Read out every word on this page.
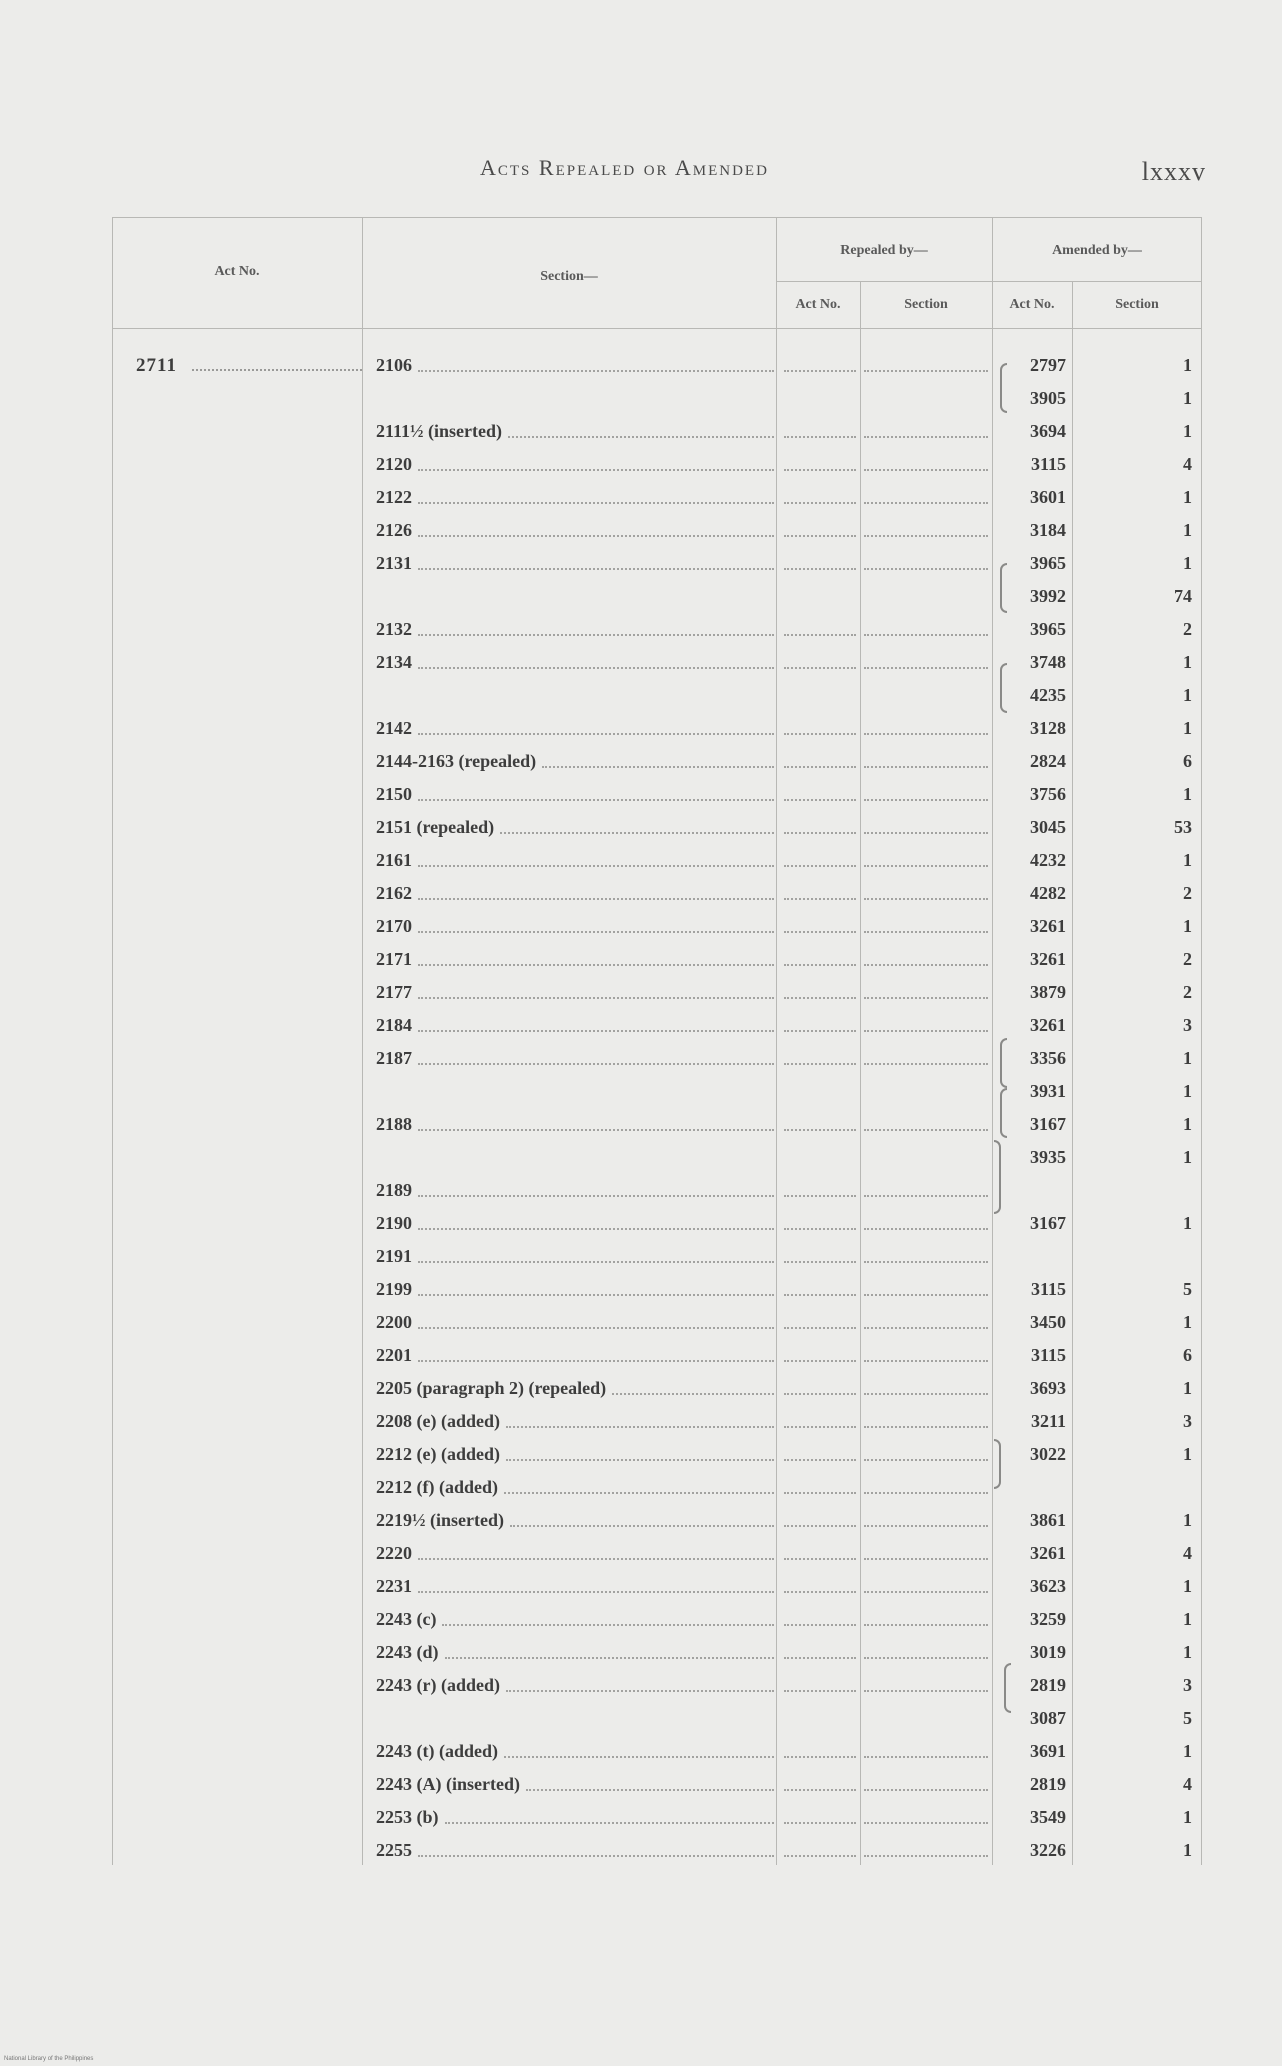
Acts Repealed or Amended	lxxxv
Act No.	Section—
Repealed by—	Amended by—
Act No.	Section	Act No.	Section
2711	2106	2797	1
3905	1
2111½ (inserted)	3694	1
2120	3115	4
2122	3601	1
2126	3184	1
2131	3965	1
3992	74
2132	3965	2
2134	3748	1
4235	1
2142	3128	1
2144-2163 (repealed)	2824	6
2150	3756	1
2151 (repealed)	3045	53
2161	4232	1
2162	4282	2
2170	3261	1
2171	3261	2
2177	3879	2
2184	3261	3
2187	3356	1
3931	1
2188	3167	1
3935	1
2189
2190	3167	1
2191
2199	3115	5
2200	3450	1
2201	3115	6
2205 (paragraph 2) (repealed)	3693	1
2208 (e) (added)	3211	3
2212 (e) (added)	3022	1
2212 (f) (added)
2219½ (inserted)	3861	1
2220	3261	4
2231	3623	1
2243 (c)	3259	1
2243 (d)	3019	1
2243 (r) (added)	2819	3
3087	5
2243 (t) (added)	3691	1
2243 (A) (inserted)	2819	4
2253 (b)	3549	1
2255	3226	1
National Library of the Philippines
